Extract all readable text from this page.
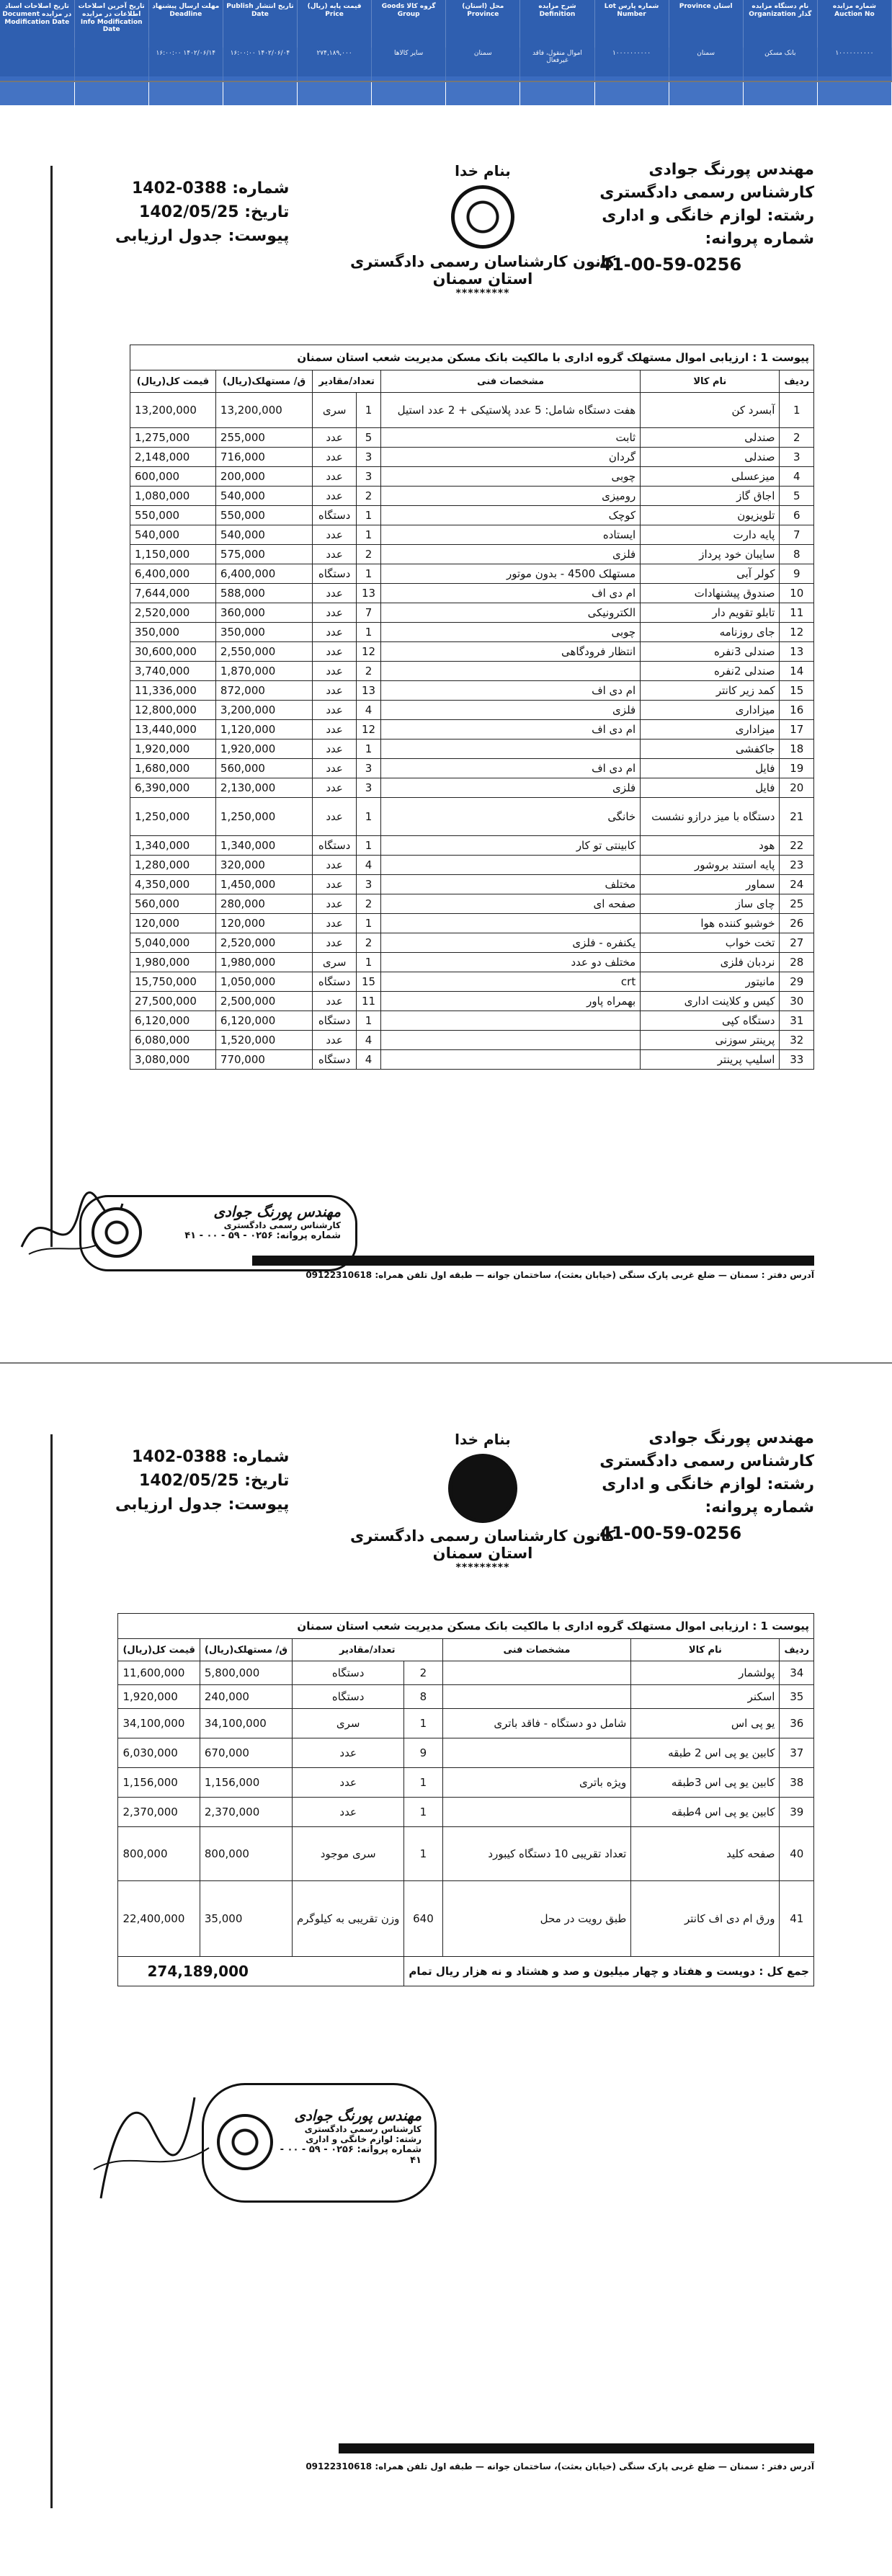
تاریخ اصلاحات اسناد در مزایده Document Modification Date	تاریخ آخرین اصلاحات اطلاعات در مزایده Info Modification Date	مهلت ارسال پیشنهاد Deadline	تاریخ انتشار Publish Date	قیمت پایه (ریال) Price	گروه کالا Goods Group	محل (استان) Province	شرح مزایده Definition	شماره پارس Lot Number	استان Province	نام دستگاه مزایده گذار Organization	شماره مزایده Auction No
		۱۴۰۲/۰۶/۱۴ ۱۶:۰۰:۰۰	۱۴۰۲/۰۶/۰۴ ۱۶:۰۰:۰۰	۲۷۴,۱۸۹,۰۰۰	سایر کالاها	سمنان	اموال منقول، فاقد غیرفعال	۱۰۰۰۰۰۰۰۰۰۰	سمنان	بانک مسکن	۱۰۰۰۰۰۰۰۰۰۰

مهندس پورنگ جوادی
کارشناس رسمی دادگستری
رشته: لوازم خانگی و اداری
شماره پروانه:
41-00-59-0256
بنام خدا
کانون کارشناسان رسمی دادگستری استان سمنان
*********
شماره: 1402-0388
تاریخ: 1402/05/25
پیوست: جدول ارزیابی
پیوست 1 : ارزیابی اموال مستهلک گروه اداری با مالکیت بانک مسکن مدیریت شعب استان سمنان						
ردیف	نام کالا	مشخصات فنی	تعداد/مقادیر		ق/ مستهلک(ریال)	قیمت کل(ریال)
1	آبسرد کن	هفت دستگاه شامل: 5 عدد پلاستیکی + 2 عدد استیل	1	سری	13,200,000	13,200,000
2	صندلی	ثابت	5	عدد	255,000	1,275,000
3	صندلی	گردان	3	عدد	716,000	2,148,000
4	میزعسلی	چوبی	3	عدد	200,000	600,000
5	اجاق گاز	رومیزی	2	عدد	540,000	1,080,000
6	تلویزیون	کوچک	1	دستگاه	550,000	550,000
7	پایه دارت	ایستاده	1	عدد	540,000	540,000
8	سایبان خود پرداز	فلزی	2	عدد	575,000	1,150,000
9	کولر آبی	مستهلک 4500 - بدون موتور	1	دستگاه	6,400,000	6,400,000
10	صندوق پیشنهادات	ام دی اف	13	عدد	588,000	7,644,000
11	تابلو تقویم دار	الکترونیکی	7	عدد	360,000	2,520,000
12	جای روزنامه	چوبی	1	عدد	350,000	350,000
13	صندلی 3نفره	انتظار فرودگاهی	12	عدد	2,550,000	30,600,000
14	صندلی 2نفره		2	عدد	1,870,000	3,740,000
15	کمد زیر کانتر	ام دی اف	13	عدد	872,000	11,336,000
16	میزاداری	فلزی	4	عدد	3,200,000	12,800,000
17	میزاداری	ام دی اف	12	عدد	1,120,000	13,440,000
18	جاکفشی		1	عدد	1,920,000	1,920,000
19	فایل	ام دی اف	3	عدد	560,000	1,680,000
20	فایل	فلزی	3	عدد	2,130,000	6,390,000
21	دستگاه با میز درازو نشست	خانگی	1	عدد	1,250,000	1,250,000
22	هود	کابینتی تو کار	1	دستگاه	1,340,000	1,340,000
23	پایه استند بروشور		4	عدد	320,000	1,280,000
24	سماور	مختلف	3	عدد	1,450,000	4,350,000
25	چای ساز	صفحه ای	2	عدد	280,000	560,000
26	خوشبو کننده هوا		1	عدد	120,000	120,000
27	تخت خواب	یکنفره - فلزی	2	عدد	2,520,000	5,040,000
28	نردبان فلزی	مختلف دو عدد	1	سری	1,980,000	1,980,000
29	مانیتور	crt	15	دستگاه	1,050,000	15,750,000
30	کیس و کلاینت اداری	بهمراه پاور	11	عدد	2,500,000	27,500,000
31	دستگاه کپی		1	دستگاه	6,120,000	6,120,000
32	پرینتر سوزنی		4	عدد	1,520,000	6,080,000
33	اسلیپ پرینتر		4	دستگاه	770,000	3,080,000
آدرس دفتر : سمنان — ضلع غربی پارک سنگی (خیابان بعثت)، ساختمان جوانه — طبقه اول تلفن همراه: 09122310618
مهندس پورنگ جوادی
کارشناس رسمی دادگستری
شماره پروانه: ۰۲۵۶ - ۵۹ - ۰۰ - ۴۱
مهندس پورنگ جوادی
کارشناس رسمی دادگستری
رشته: لوازم خانگی و اداری
شماره پروانه:
41-00-59-0256
بنام خدا
کانون کارشناسان رسمی دادگستری استان سمنان
*********
شماره: 1402-0388
تاریخ: 1402/05/25
پیوست: جدول ارزیابی
پیوست 1 : ارزیابی اموال مستهلک گروه اداری با مالکیت بانک مسکن مدیریت شعب استان سمنان						
ردیف	نام کالا	مشخصات فنی	تعداد/مقادیر		ق/ مستهلک(ریال)	قیمت کل(ریال)
34	پولشمار		2	دستگاه	5,800,000	11,600,000
35	اسکنر		8	دستگاه	240,000	1,920,000
36	یو پی اس	شامل دو دستگاه - فاقد باتری	1	سری	34,100,000	34,100,000
37	کابین یو پی اس 2 طبقه		9	عدد	670,000	6,030,000
38	کابین یو پی اس 3طبقه	ویژه باتری	1	عدد	1,156,000	1,156,000
39	کابین یو پی اس 4طبقه		1	عدد	2,370,000	2,370,000
40	صفحه کلید	تعداد تقریبی 10 دستگاه کیبورد	1	سری موجود	800,000	800,000
41	ورق ام دی اف کانتر	طبق رویت در محل	640	وزن تقریبی به کیلوگرم	35,000	22,400,000
جمع کل : دویست و هفتاد و چهار میلیون و صد و هشتاد و نه هزار ریال تمام				274,189,000		
مهندس پورنگ جوادی
کارشناس رسمی دادگستری رشته: لوازم خانگی و اداری
شماره پروانه: ۰۲۵۶ - ۵۹ - ۰۰ - ۴۱
آدرس دفتر : سمنان — ضلع غربی پارک سنگی (خیابان بعثت)، ساختمان جوانه — طبقه اول تلفن همراه: 09122310618
